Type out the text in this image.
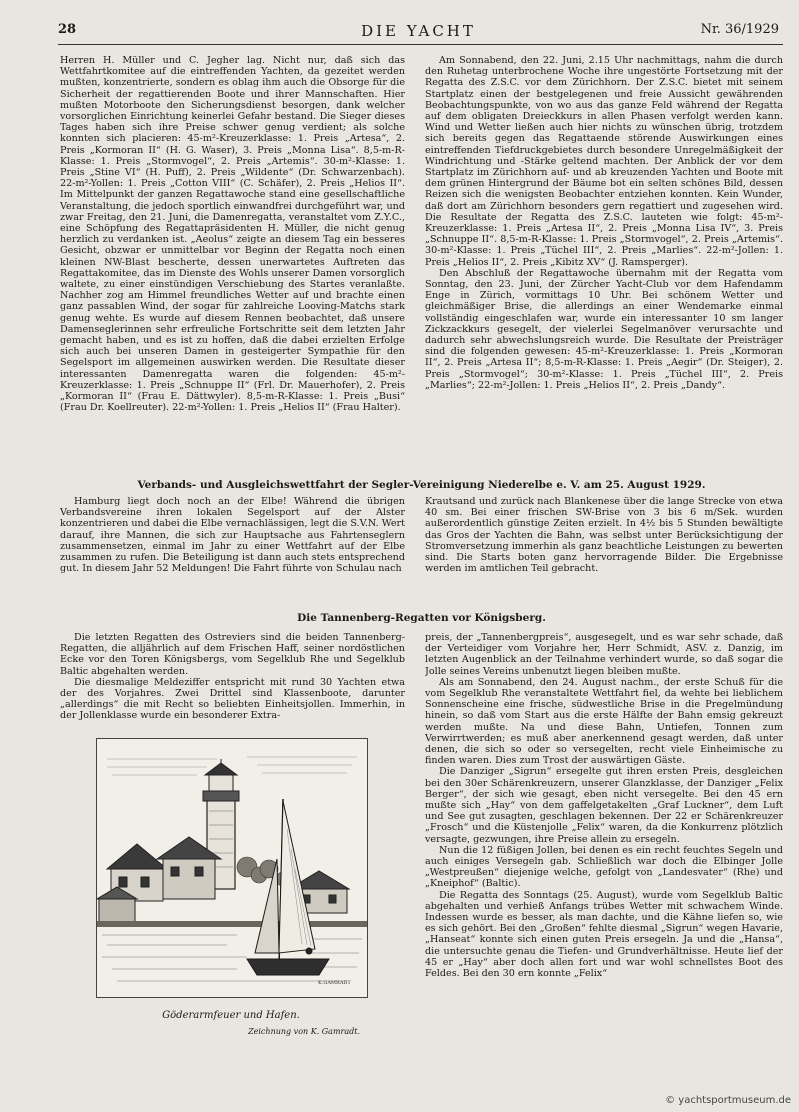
28	DIE YACHT	Nr. 36/1929

Herren H. Müller und C. Jegher lag. Nicht nur, daß sich das Wettfahrtkomitee auf die eintreffenden Yachten, da gezeitet werden mußten, konzentrierte, sondern es oblag ihm auch die Obsorge für die Sicherheit der regattierenden Boote und ihrer Mannschaften. Hier mußten Motorboote den Sicherungsdienst besorgen, dank welcher vorsorglichen Einrichtung keinerlei Gefahr bestand. Die Sieger dieses Tages haben sich ihre Preise schwer genug verdient; als solche konnten sich placieren: 45-m²-Kreuzerklasse: 1. Preis „Artesa“, 2. Preis „Kormoran II“ (H. G. Waser), 3. Preis „Monna Lisa“. 8,5-m-R-Klasse: 1. Preis „Stormvogel“, 2. Preis „Artemis“. 30-m²-Klasse: 1. Preis „Stine VI“ (H. Puff), 2. Preis „Wildente“ (Dr. Schwarzenbach). 22-m²-Yollen: 1. Preis „Cotton VIII“ (C. Schäfer), 2. Preis „Helios II“. Im Mittelpunkt der ganzen Regattawoche stand eine gesellschaftliche Veranstaltung, die jedoch sportlich einwandfrei durchgeführt war, und zwar Freitag, den 21. Juni, die Damenregatta, veranstaltet vom Z.Y.C., eine Schöpfung des Regattapräsidenten H. Müller, die nicht genug herzlich zu verdanken ist. „Aeolus“ zeigte an diesem Tag ein besseres Gesicht, obzwar er unmittelbar vor Beginn der Regatta noch einen kleinen NW-Blast bescherte, dessen unerwartetes Auftreten das Regattakomitee, das im Dienste des Wohls unserer Damen vorsorglich waltete, zu einer einstündigen Verschiebung des Startes veranlaßte. Nachher zog am Himmel freundliches Wetter auf und brachte einen ganz passablen Wind, der sogar für zahlreiche Looving-Matchs stark genug wehte. Es wurde auf diesem Rennen beobachtet, daß unsere Damenseglerinnen sehr erfreuliche Fortschritte seit dem letzten Jahr gemacht haben, und es ist zu hoffen, daß die dabei erzielten Erfolge sich auch bei unseren Damen in gesteigerter Sympathie für den Segelsport im allgemeinen auswirken werden. Die Resultate dieser interessanten Damenregatta waren die folgenden: 45-m²-Kreuzerklasse: 1. Preis „Schnuppe II“ (Frl. Dr. Mauerhofer), 2. Preis „Kormoran II“ (Frau E. Dättwyler). 8,5-m-R-Klasse: 1. Preis „Busi“ (Frau Dr. Koellreuter). 22-m²-Yollen: 1. Preis „Helios II“ (Frau Halter).

Am Sonnabend, den 22. Juni, 2.15 Uhr nachmittags, nahm die durch den Ruhetag unterbrochene Woche ihre ungestörte Fortsetzung mit der Regatta des Z.S.C. vor dem Zürichhorn. Der Z.S.C. bietet mit seinem Startplatz einen der bestgelegenen und freie Aussicht gewährenden Beobachtungspunkte, von wo aus das ganze Feld während der Regatta auf dem obligaten Dreieckkurs in allen Phasen verfolgt werden kann. Wind und Wetter ließen auch hier nichts zu wünschen übrig, trotzdem sich bereits gegen das Regattaende störende Auswirkungen eines eintreffenden Tiefdruckgebietes durch besondere Unregelmäßigkeit der Windrichtung und -Stärke geltend machten. Der Anblick der vor dem Startplatz im Zürichhorn auf- und ab kreuzenden Yachten und Boote mit dem grünen Hintergrund der Bäume bot ein selten schönes Bild, dessen Reizen sich die wenigsten Beobachter entziehen konnten. Kein Wunder, daß dort am Zürichhorn besonders gern regattiert und zugesehen wird. Die Resultate der Regatta des Z.S.C. lauteten wie folgt: 45-m²-Kreuzerklasse: 1. Preis „Artesa II“, 2. Preis „Monna Lisa IV“, 3. Preis „Schnuppe II“. 8,5-m-R-Klasse: 1. Preis „Stormvogel“, 2. Preis „Artemis“. 30-m²-Klasse: 1. Preis „Tüchel III“, 2. Preis „Marlies“. 22-m²-Jollen: 1. Preis „Helios II“, 2. Preis „Kibitz XV“ (J. Ramsperger).

Den Abschluß der Regattawoche übernahm mit der Regatta vom Sonntag, den 23. Juni, der Zürcher Yacht-Club vor dem Hafendamm Enge in Zürich, vormittags 10 Uhr. Bei schönem Wetter und gleichmäßiger Brise, die allerdings an einer Wendemarke einmal vollständig eingeschlafen war, wurde ein interessanter 10 sm langer Zickzackkurs gesegelt, der vielerlei Segelmanöver verursachte und dadurch sehr abwechslungsreich wurde. Die Resultate der Preisträger sind die folgenden gewesen: 45-m²-Kreuzerklasse: 1. Preis „Kormoran II“, 2. Preis „Artesa II“; 8,5-m-R-Klasse: 1. Preis „Aegir“ (Dr. Steiger), 2. Preis „Stormvogel“; 30-m²-Klasse: 1. Preis „Tüchel III“, 2. Preis „Marlies“; 22-m²-Jollen: 1. Preis „Helios II“, 2. Preis „Dandy“.

Verbands- und Ausgleichswettfahrt der Segler-Vereinigung Niederelbe e. V. am 25. August 1929.

Hamburg liegt doch noch an der Elbe! Während die übrigen Verbandsvereine ihren lokalen Segelsport auf der Alster konzentrieren und dabei die Elbe vernachlässigen, legt die S.V.N. Wert darauf, ihre Mannen, die sich zur Hauptsache aus Fahrtenseglern zusammensetzen, einmal im Jahr zu einer Wettfahrt auf der Elbe zusammen zu rufen. Die Beteiligung ist dann auch stets entsprechend gut. In diesem Jahr 52 Meldungen! Die Fahrt führte von Schulau nach

Krautsand und zurück nach Blankenese über die lange Strecke von etwa 40 sm. Bei einer frischen SW-Brise von 3 bis 6 m/Sek. wurden außerordentlich günstige Zeiten erzielt. In 4½ bis 5 Stunden bewältigte das Gros der Yachten die Bahn, was selbst unter Berücksichtigung der Stromversetzung immerhin als ganz beachtliche Leistungen zu bewerten sind. Die Starts boten ganz hervorragende Bilder. Die Ergebnisse werden im amtlichen Teil gebracht.

Die Tannenberg-Regatten vor Königsberg.

Die letzten Regatten des Ostreviers sind die beiden Tannenberg-Regatten, die alljährlich auf dem Frischen Haff, seiner nordöstlichen Ecke vor den Toren Königsbergs, vom Segelklub Rhe und Segelklub Baltic abgehalten werden.

Die diesmalige Meldeziffer entspricht mit rund 30 Yachten etwa der des Vorjahres. Zwei Drittel sind Klassenboote, darunter „allerdings“ die mit Recht so beliebten Einheitsjollen. Immerhin, in der Jollenklasse wurde ein besonderer Extra-

preis, der „Tannenbergpreis“, ausgesegelt, und es war sehr schade, daß der Verteidiger vom Vorjahre her, Herr Schmidt, ASV. z. Danzig, im letzten Augenblick an der Teilnahme verhindert wurde, so daß sogar die Jolle seines Vereins unbenutzt liegen bleiben mußte.

Als am Sonnabend, den 24. August nachm., der erste Schuß für die vom Segelklub Rhe veranstaltete Wettfahrt fiel, da wehte bei lieblichem Sonnenscheine eine frische, südwestliche Brise in die Pregelmündung hinein, so daß vom Start aus die erste Hälfte der Bahn emsig gekreuzt werden mußte. Na und diese Bahn, Untiefen, Tonnen zum Verwirrtwerden; es muß aber anerkennend gesagt werden, daß unter denen, die sich so oder so versegelten, recht viele Einheimische zu finden waren. Dies zum Trost der auswärtigen Gäste.

Die Danziger „Sigrun“ ersegelte gut ihren ersten Preis, desgleichen bei den 30er Schärenkreuzern, unserer Glanzklasse, der Danziger „Felix Berger“, der sich wie gesagt, eben nicht versegelte. Bei den 45 ern mußte sich „Hay“ von dem gaffelgetakelten „Graf Luckner“, dem Luft und See gut zusagten, geschlagen bekennen. Der 22 er Schärenkreuzer „Frosch“ und die Küstenjolle „Felix“ waren, da die Konkurrenz plötzlich versagte, gezwungen, ihre Preise allein zu ersegeln.

Nun die 12 füßigen Jollen, bei denen es ein recht feuchtes Segeln und auch einiges Versegeln gab. Schließlich war doch die Elbinger Jolle „Westpreußen“ diejenige welche, gefolgt von „Landesvater“ (Rhe) und „Kneiphof“ (Baltic).

Die Regatta des Sonntags (25. August), wurde vom Segelklub Baltic abgehalten und verhieß Anfangs trübes Wetter mit schwachem Winde. Indessen wurde es besser, als man dachte, und die Kähne liefen so, wie es sich gehört. Bei den „Großen“ fehlte diesmal „Sigrun“ wegen Havarie, „Hanseat“ konnte sich einen guten Preis ersegeln. Ja und die „Hansa“, die untersuchte genau die Tiefen- und Grundverhältnisse. Heute lief der 45 er „Hay“ aber doch allen fort und war wohl schnellstes Boot des Feldes. Bei den 30 ern konnte „Felix“

K.GAMRADT
Göderarmfeuer und Hafen.
Zeichnung von K. Gamradt.
© yachtsportmuseum.de
